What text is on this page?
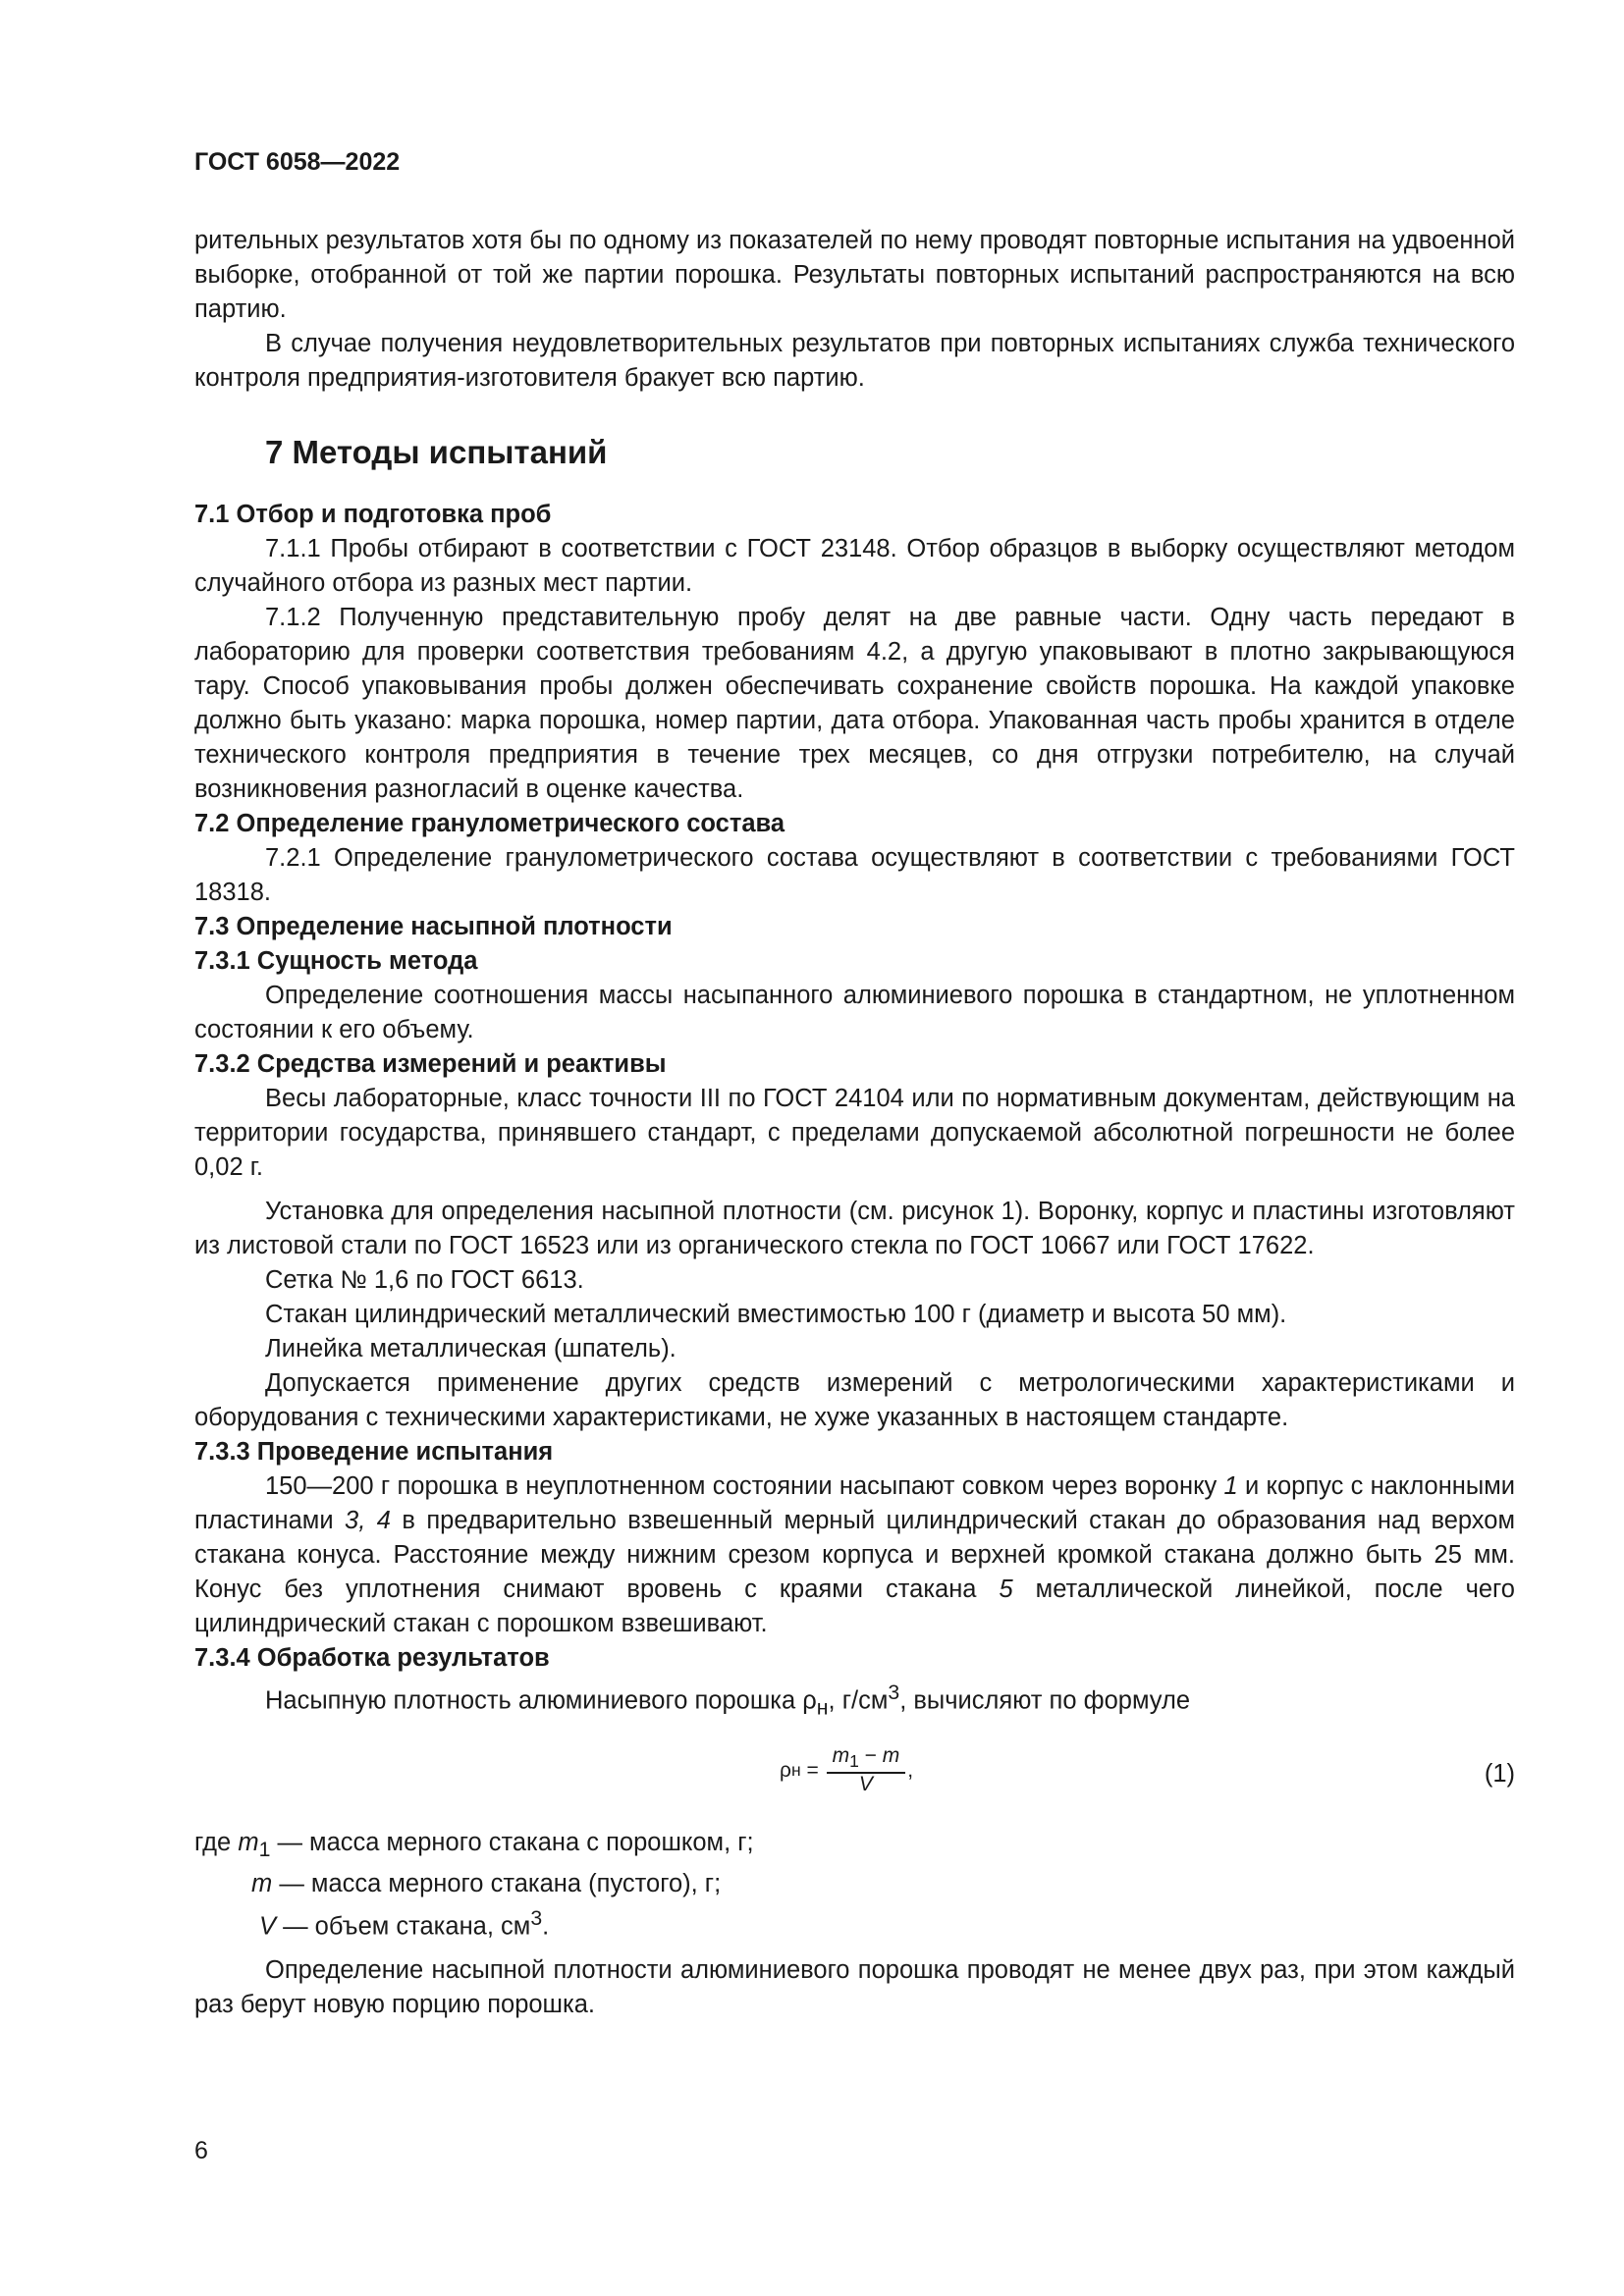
ГОСТ 6058—2022

рительных результатов хотя бы по одному из показателей по нему проводят повторные испытания на удвоенной выборке, отобранной от той же партии порошка. Результаты повторных испытаний распространяются на всю партию.

В случае получения неудовлетворительных результатов при повторных испытаниях служба технического контроля предприятия-изготовителя бракует всю партию.

7 Методы испытаний

7.1 Отбор и подготовка проб

7.1.1 Пробы отбирают в соответствии с ГОСТ 23148. Отбор образцов в выборку осуществляют методом случайного отбора из разных мест партии.

7.1.2 Полученную представительную пробу делят на две равные части. Одну часть передают в лабораторию для проверки соответствия требованиям 4.2, а другую упаковывают в плотно закрывающуюся тару. Способ упаковывания пробы должен обеспечивать сохранение свойств порошка. На каждой упаковке должно быть указано: марка порошка, номер партии, дата отбора. Упакованная часть пробы хранится в отделе технического контроля предприятия в течение трех месяцев, со дня отгрузки потребителю, на случай возникновения разногласий в оценке качества.

7.2 Определение гранулометрического состава

7.2.1 Определение гранулометрического состава осуществляют в соответствии с требованиями ГОСТ 18318.

7.3 Определение насыпной плотности

7.3.1 Сущность метода

Определение соотношения массы насыпанного алюминиевого порошка в стандартном, не уплотненном состоянии к его объему.

7.3.2 Средства измерений и реактивы

Весы лабораторные, класс точности III по ГОСТ 24104 или по нормативным документам, действующим на территории государства, принявшего стандарт, с пределами допускаемой абсолютной погрешности не более 0,02 г.

Установка для определения насыпной плотности (см. рисунок 1). Воронку, корпус и пластины изготовляют из листовой стали по ГОСТ 16523 или из органического стекла по ГОСТ 10667 или ГОСТ 17622.

Сетка № 1,6 по ГОСТ 6613.

Стакан цилиндрический металлический вместимостью 100 г (диаметр и высота 50 мм).

Линейка металлическая (шпатель).

Допускается применение других средств измерений с метрологическими характеристиками и оборудования с техническими характеристиками, не хуже указанных в настоящем стандарте.

7.3.3 Проведение испытания

150—200 г порошка в неуплотненном состоянии насыпают совком через воронку 1 и корпус с наклонными пластинами 3, 4 в предварительно взвешенный мерный цилиндрический стакан до образования над верхом стакана конуса. Расстояние между нижним срезом корпуса и верхней кромкой стакана должно быть 25 мм. Конус без уплотнения снимают вровень с краями стакана 5 металлической линейкой, после чего цилиндрический стакан с порошком взвешивают.

7.3.4 Обработка результатов

Насыпную плотность алюминиевого порошка $\rho_н$, $г/см^3$, вычисляют по формуле

ρ $н = \frac{m_1 - m}{V}$ ,	(1)

где $m_1$ — масса мерного стакана с порошком, г;

m — масса мерного стакана (пустого), г;

V — объем стакана, $см^3$.

Определение насыпной плотности алюминиевого порошка проводят не менее двух раз, при этом каждый раз берут новую порцию порошка.

6
